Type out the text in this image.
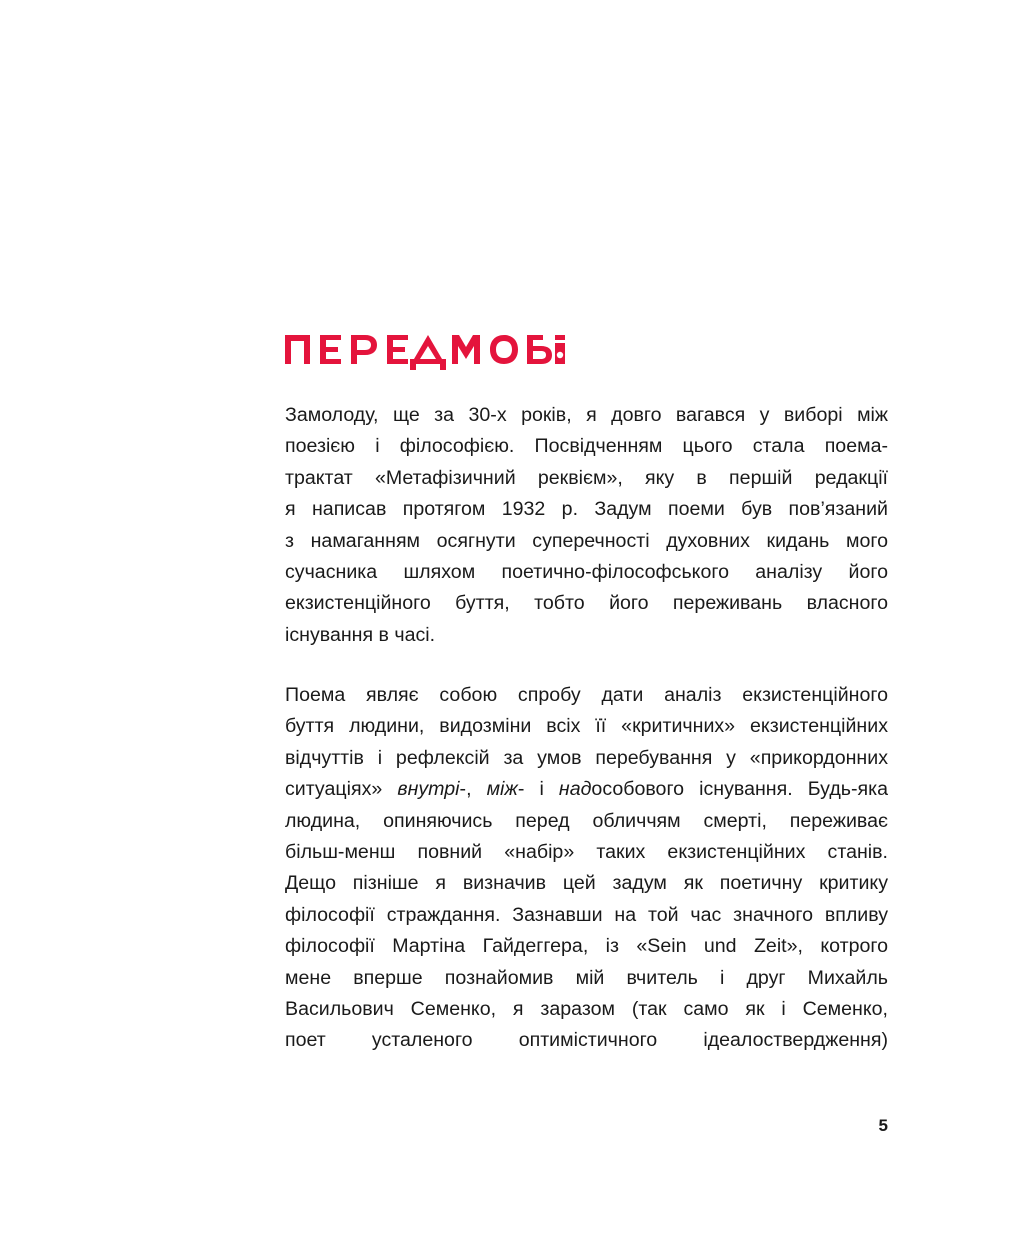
Замолоду, ще за 30-х років, я довго вагався у виборі між
поезією і філософією. Посвідченням цього стала поема-
трактат «Метафізичний реквієм», яку в першій редакції
я написав протягом 1932 р. Задум поеми був пов’язаний
з намаганням осягнути суперечності духовних кидань мого
сучасника шляхом поетично-філософського аналізу його
екзистенційного буття, тобто його переживань власного
існування в часі.
Поема являє собою спробу дати аналіз екзистенційного
буття людини, видозміни всіх її «критичних» екзистенційних
відчуттів і рефлексій за умов перебування у «прикордонних
ситуаціях» внутрі-, між- і надособового існування. Будь-яка
людина, опиняючись перед обличчям смерті, переживає
більш-менш повний «набір» таких екзистенційних станів.
Дещо пізніше я визначив цей задум як поетичну критику
філософії страждання. Зазнавши на той час значного впливу
філософії Мартіна Гайдеггера, із «Sein und Zeit», котрого
мене вперше познайомив мій вчитель і друг Михайль
Васильович Семенко, я заразом (так само як і Семенко,
поет усталеного оптимістичного ідеалоствердження)
5
